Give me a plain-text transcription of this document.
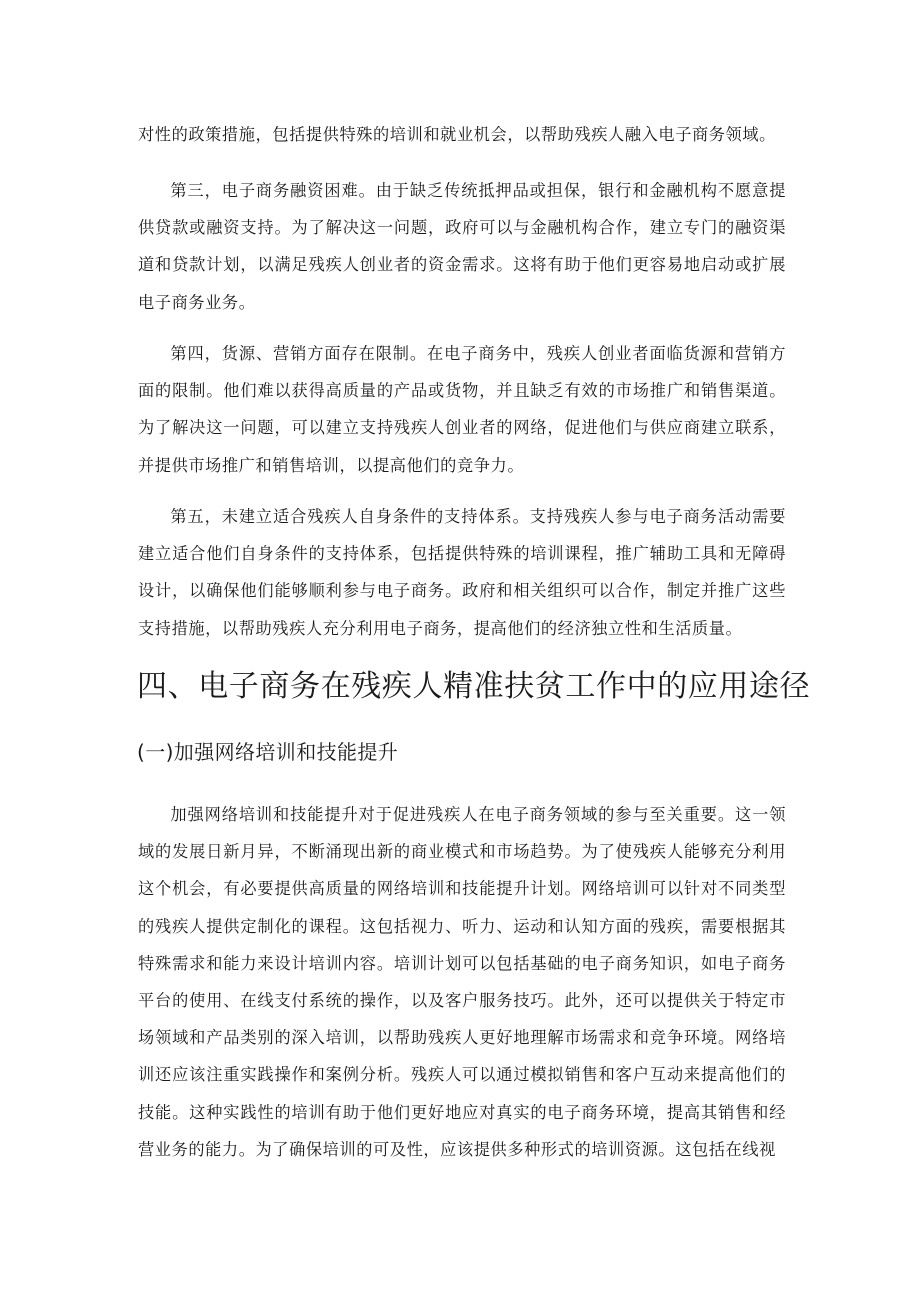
对性的政策措施，包括提供特殊的培训和就业机会，以帮助残疾人融入电子商务领域。

第三，电子商务融资困难。由于缺乏传统抵押品或担保，银行和金融机构不愿意提供贷款或融资支持。为了解决这一问题，政府可以与金融机构合作，建立专门的融资渠道和贷款计划，以满足残疾人创业者的资金需求。这将有助于他们更容易地启动或扩展电子商务业务。

第四，货源、营销方面存在限制。在电子商务中，残疾人创业者面临货源和营销方面的限制。他们难以获得高质量的产品或货物，并且缺乏有效的市场推广和销售渠道。为了解决这一问题，可以建立支持残疾人创业者的网络，促进他们与供应商建立联系，并提供市场推广和销售培训，以提高他们的竞争力。

第五，未建立适合残疾人自身条件的支持体系。支持残疾人参与电子商务活动需要建立适合他们自身条件的支持体系，包括提供特殊的培训课程，推广辅助工具和无障碍设计，以确保他们能够顺利参与电子商务。政府和相关组织可以合作，制定并推广这些支持措施，以帮助残疾人充分利用电子商务，提高他们的经济独立性和生活质量。

四、电子商务在残疾人精准扶贫工作中的应用途径
(一)加强网络培训和技能提升

加强网络培训和技能提升对于促进残疾人在电子商务领域的参与至关重要。这一领域的发展日新月异，不断涌现出新的商业模式和市场趋势。为了使残疾人能够充分利用这个机会，有必要提供高质量的网络培训和技能提升计划。网络培训可以针对不同类型的残疾人提供定制化的课程。这包括视力、听力、运动和认知方面的残疾，需要根据其特殊需求和能力来设计培训内容。培训计划可以包括基础的电子商务知识，如电子商务平台的使用、在线支付系统的操作，以及客户服务技巧。此外，还可以提供关于特定市场领域和产品类别的深入培训，以帮助残疾人更好地理解市场需求和竞争环境。网络培训还应该注重实践操作和案例分析。残疾人可以通过模拟销售和客户互动来提高他们的技能。这种实践性的培训有助于他们更好地应对真实的电子商务环境，提高其销售和经营业务的能力。为了确保培训的可及性，应该提供多种形式的培训资源。这包括在线视
